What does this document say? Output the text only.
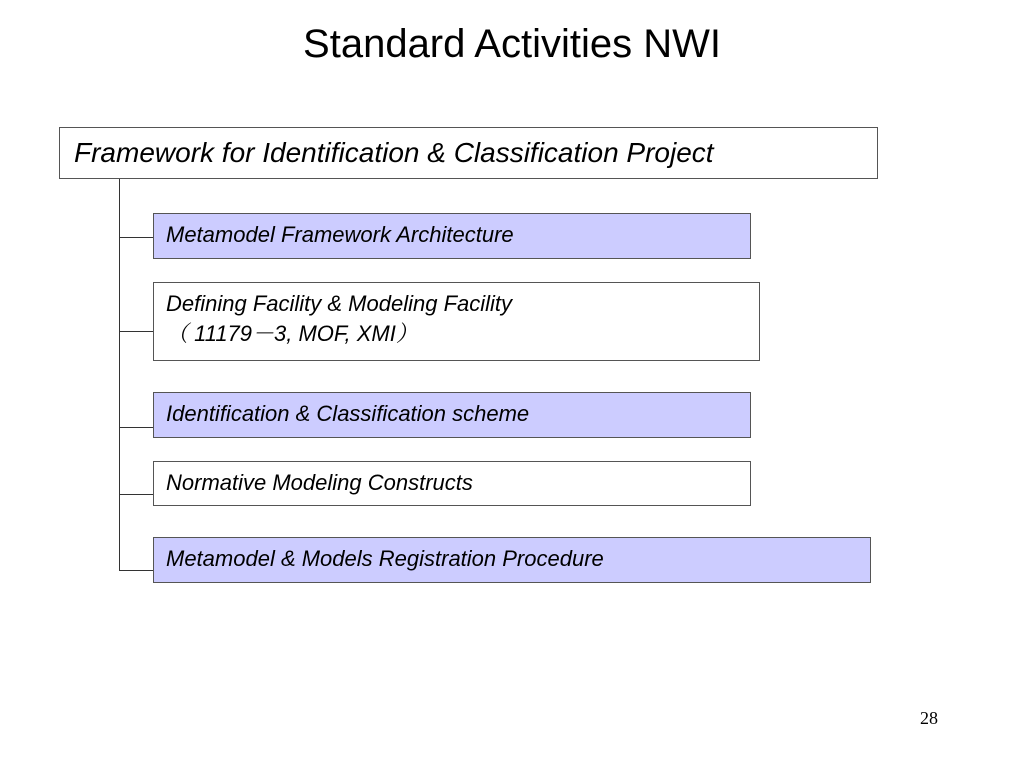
Standard Activities NWI
Framework for Identification & Classification Project
Metamodel Framework Architecture
Defining Facility & Modeling Facility
（ 11179－3, MOF, XMI）
Identification & Classification scheme
Normative Modeling Constructs
Metamodel & Models Registration Procedure
28
